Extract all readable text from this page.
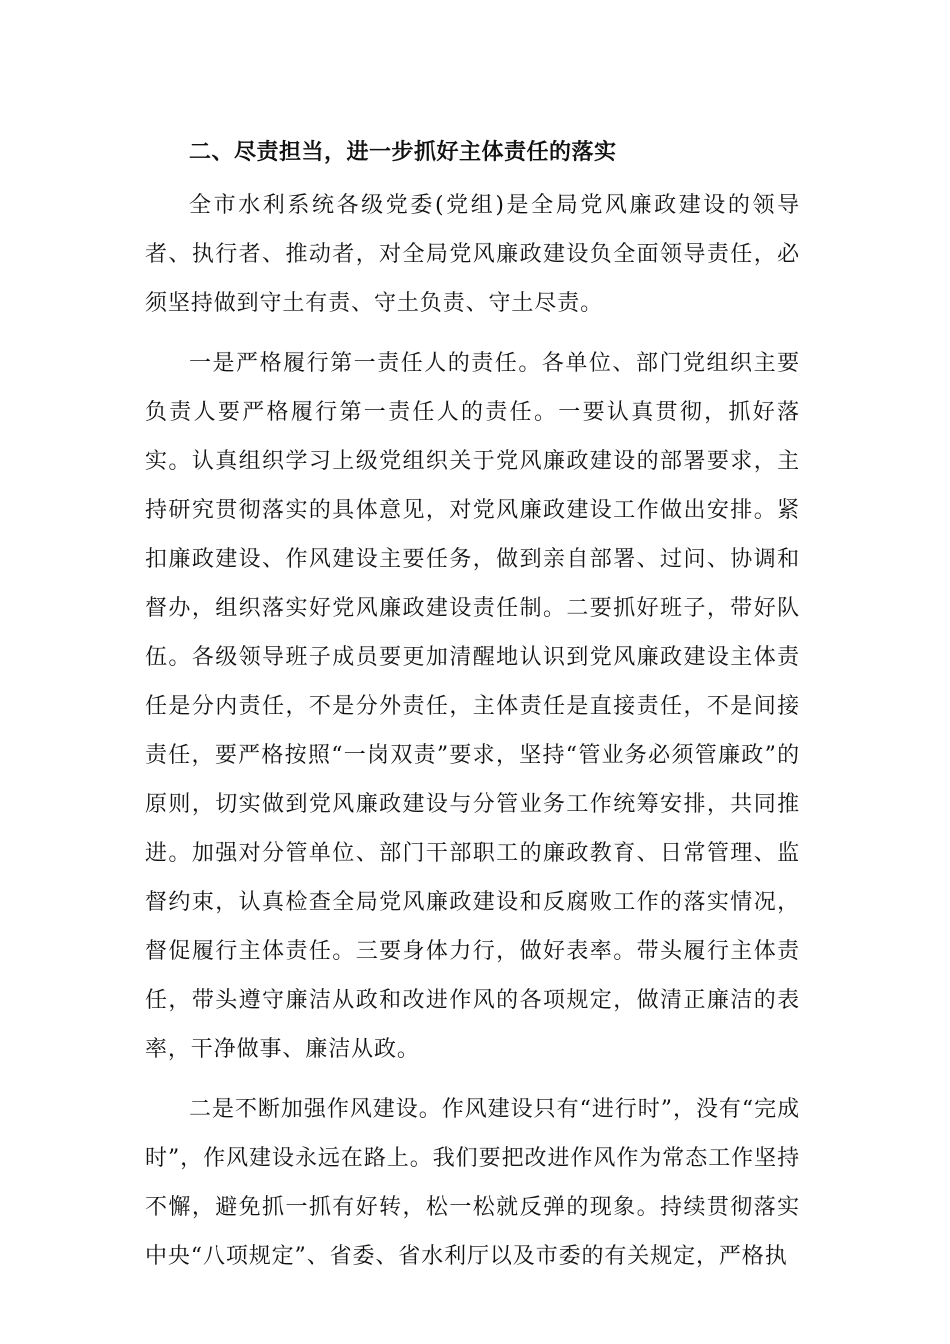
二、尽责担当，进一步抓好主体责任的落实

全市水利系统各级党委(党组)是全局党风廉政建设的领导者、执行者、推动者，对全局党风廉政建设负全面领导责任，必须坚持做到守土有责、守土负责、守土尽责。

一是严格履行第一责任人的责任。各单位、部门党组织主要负责人要严格履行第一责任人的责任。一要认真贯彻，抓好落实。认真组织学习上级党组织关于党风廉政建设的部署要求，主持研究贯彻落实的具体意见，对党风廉政建设工作做出安排。紧扣廉政建设、作风建设主要任务，做到亲自部署、过问、协调和督办，组织落实好党风廉政建设责任制。二要抓好班子，带好队伍。各级领导班子成员要更加清醒地认识到党风廉政建设主体责任是分内责任，不是分外责任，主体责任是直接责任，不是间接责任，要严格按照“一岗双责”要求，坚持“管业务必须管廉政”的原则，切实做到党风廉政建设与分管业务工作统筹安排，共同推进。加强对分管单位、部门干部职工的廉政教育、日常管理、监督约束，认真检查全局党风廉政建设和反腐败工作的落实情况，督促履行主体责任。三要身体力行，做好表率。带头履行主体责任，带头遵守廉洁从政和改进作风的各项规定，做清正廉洁的表率，干净做事、廉洁从政。

二是不断加强作风建设。作风建设只有“进行时”，没有“完成时”，作风建设永远在路上。我们要把改进作风作为常态工作坚持不懈，避免抓一抓有好转，松一松就反弹的现象。持续贯彻落实中央“八项规定”、省委、省水利厅以及市委的有关规定，严格执
